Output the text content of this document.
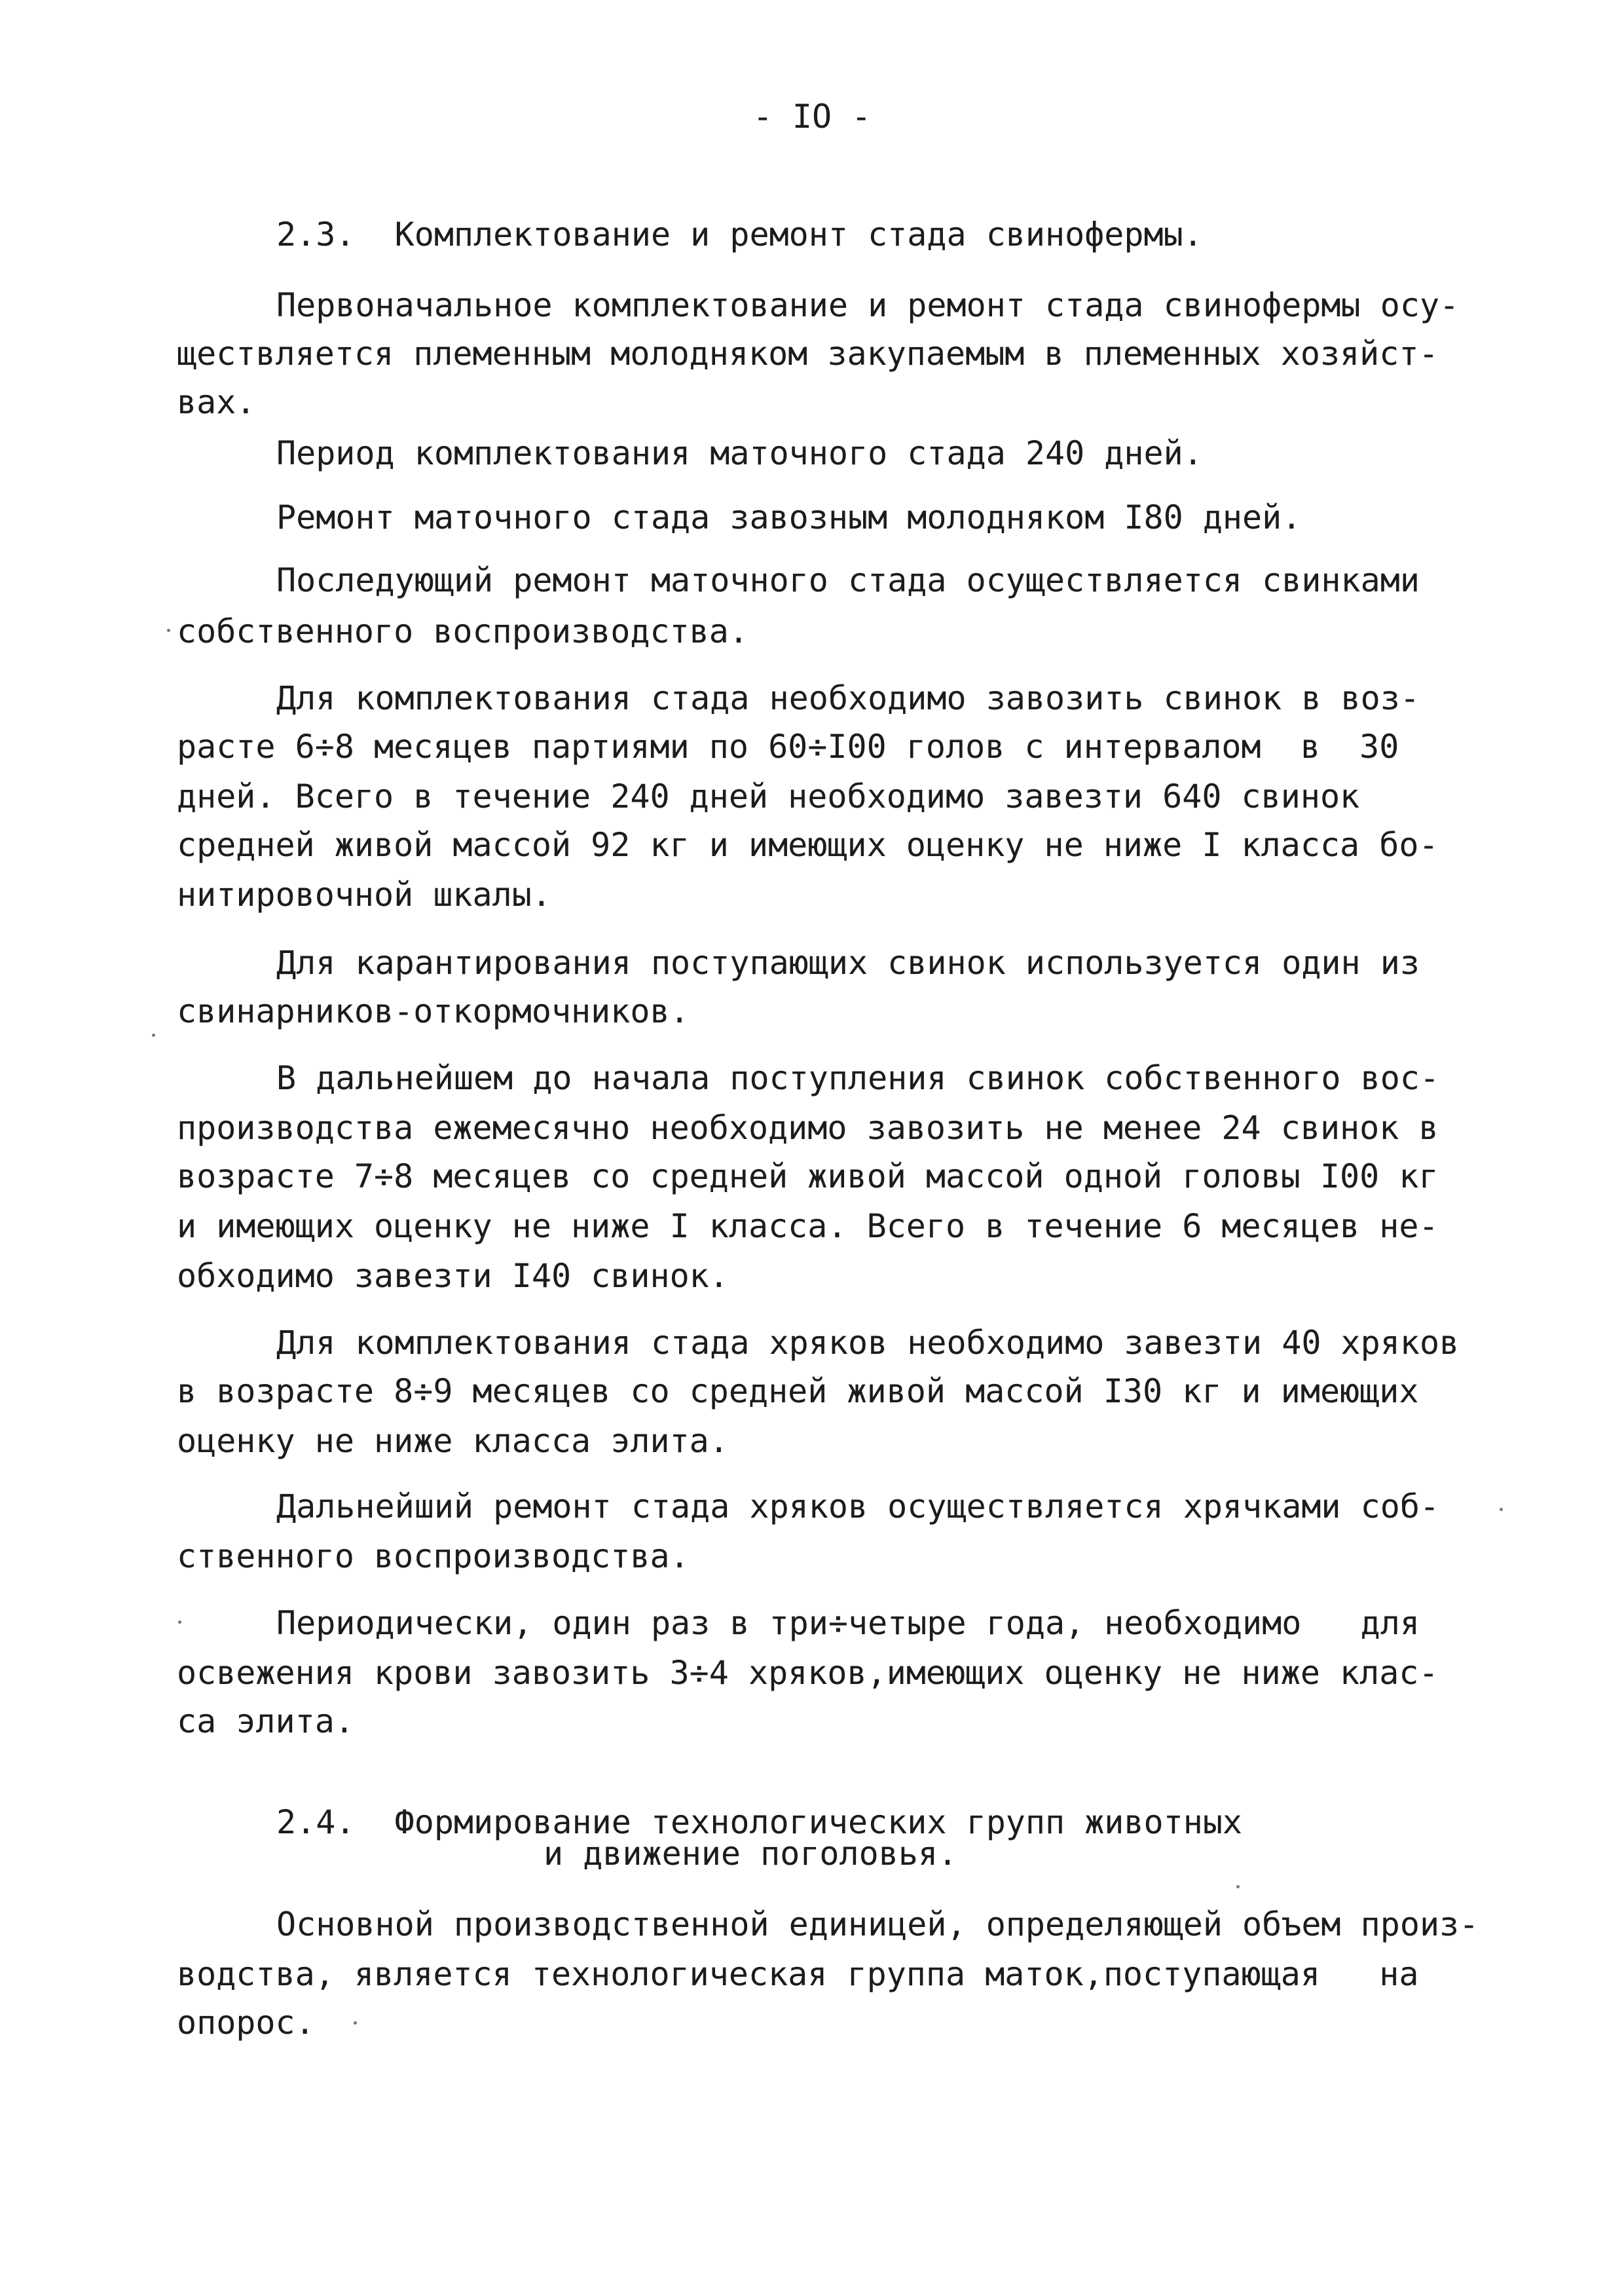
- IO -
2.3.  Комплектование и ремонт стада свинофермы.
Первоначальное комплектование и ремонт стада свинофермы осу-
ществляется племенным молодняком закупаемым в племенных хозяйст-
вах.
Период комплектования маточного стада 240 дней.
Ремонт маточного стада завозным молодняком I80 дней.
Последующий ремонт маточного стада осуществляется свинками
собственного воспроизводства.
Для комплектования стада необходимо завозить свинок в воз-
расте 6÷8 месяцев партиями по 60÷I00 голов с интервалом  в  30
дней. Всего в течение 240 дней необходимо завезти 640 свинок
средней живой массой 92 кг и имеющих оценку не ниже I класса бо-
нитировочной шкалы.
Для карантирования поступающих свинок используется один из
свинарников-откормочников.
В дальнейшем до начала поступления свинок собственного вос-
производства ежемесячно необходимо завозить не менее 24 свинок в
возрасте 7÷8 месяцев со средней живой массой одной головы I00 кг
и имеющих оценку не ниже I класса. Всего в течение 6 месяцев не-
обходимо завезти I40 свинок.
Для комплектования стада хряков необходимо завезти 40 хряков
в возрасте 8÷9 месяцев со средней живой массой I30 кг и имеющих
оценку не ниже класса элита.
Дальнейший ремонт стада хряков осуществляется хрячками соб-
ственного воспроизводства.
Периодически, один раз в три÷четыре года, необходимо   для
освежения крови завозить 3÷4 хряков,имеющих оценку не ниже клас-
са элита.
2.4.  Формирование технологических групп животных
и движение поголовья.
Основной производственной единицей, определяющей объем произ-
водства, является технологическая группа маток,поступающая   на
опорос.
